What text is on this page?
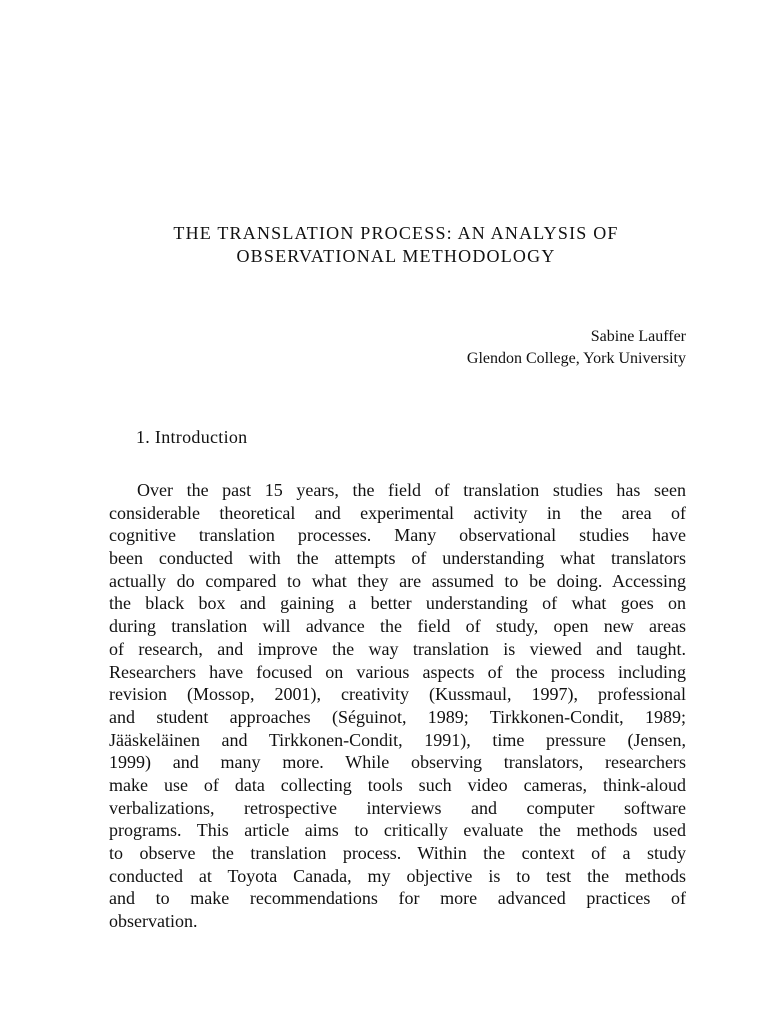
THE TRANSLATION PROCESS: AN ANALYSIS OF
OBSERVATIONAL METHODOLOGY
Sabine Lauffer
Glendon College, York University
1. Introduction
Over the past 15 years, the field of translation studies has seen
considerable theoretical and experimental activity in the area of
cognitive translation processes. Many observational studies have
been conducted with the attempts of understanding what translators
actually do compared to what they are assumed to be doing. Accessing
the black box and gaining a better understanding of what goes on
during translation will advance the field of study, open new areas
of research, and improve the way translation is viewed and taught.
Researchers have focused on various aspects of the process including
revision (Mossop, 2001), creativity (Kussmaul, 1997), professional
and student approaches (Séguinot, 1989; Tirkkonen-Condit, 1989;
Jääskeläinen and Tirkkonen-Condit, 1991), time pressure (Jensen,
1999) and many more. While observing translators, researchers
make use of data collecting tools such video cameras, think-aloud
verbalizations, retrospective interviews and computer software
programs. This article aims to critically evaluate the methods used
to observe the translation process. Within the context of a study
conducted at Toyota Canada, my objective is to test the methods
and to make recommendations for more advanced practices of
observation.
